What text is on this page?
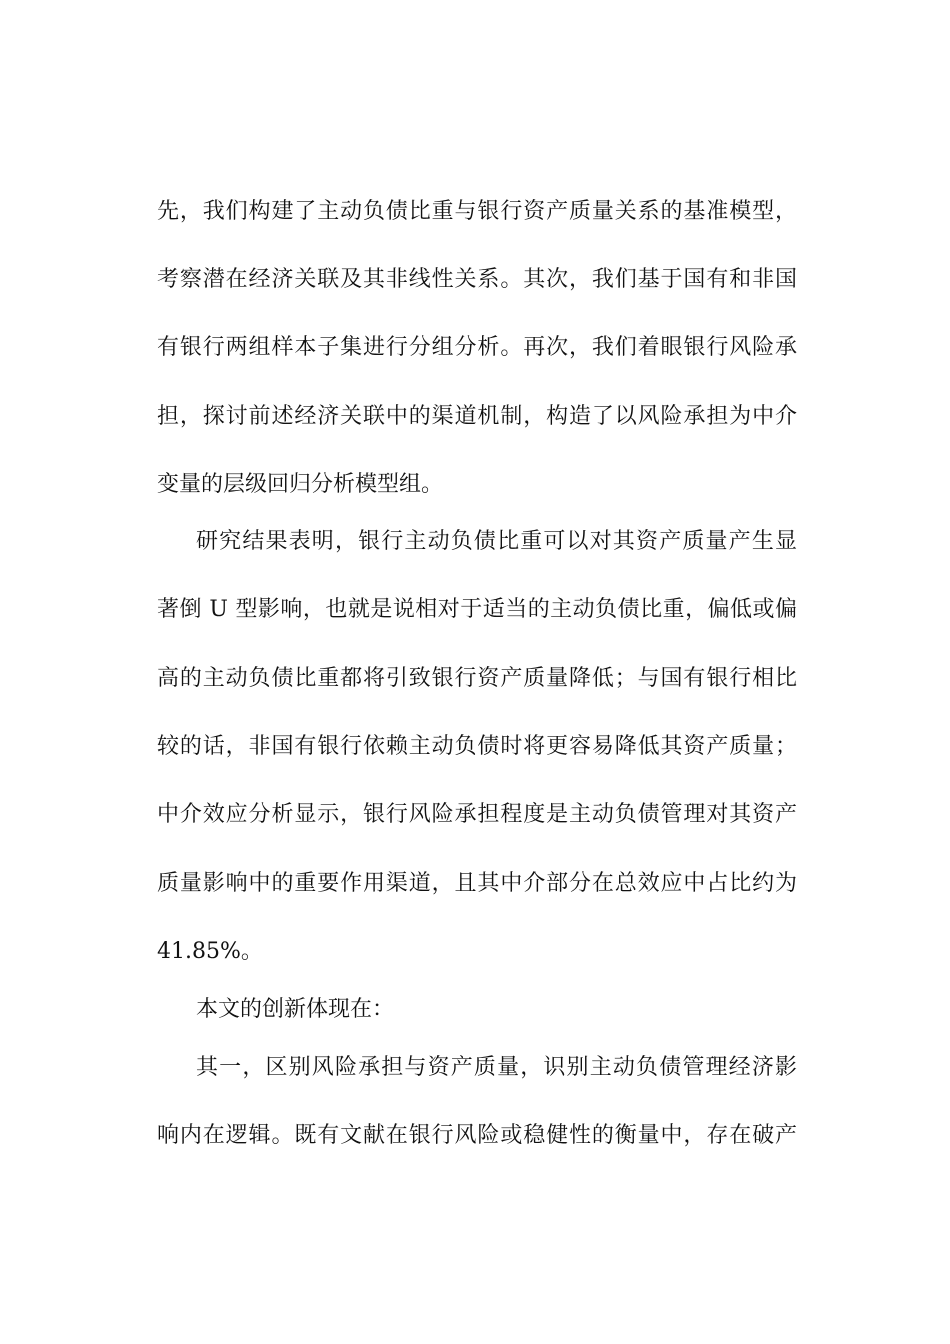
先，我们构建了主动负债比重与银行资产质量关系的基准模型，
考察潜在经济关联及其非线性关系。其次，我们基于国有和非国
有银行两组样本子集进行分组分析。再次，我们着眼银行风险承
担，探讨前述经济关联中的渠道机制，构造了以风险承担为中介
变量的层级回归分析模型组。
研究结果表明，银行主动负债比重可以对其资产质量产生显
著倒 U 型影响，也就是说相对于适当的主动负债比重，偏低或偏
高的主动负债比重都将引致银行资产质量降低；与国有银行相比
较的话，非国有银行依赖主动负债时将更容易降低其资产质量；
中介效应分析显示，银行风险承担程度是主动负债管理对其资产
质量影响中的重要作用渠道，且其中介部分在总效应中占比约为
41.85%。
本文的创新体现在：
其一，区别风险承担与资产质量，识别主动负债管理经济影
响内在逻辑。既有文献在银行风险或稳健性的衡量中，存在破产
